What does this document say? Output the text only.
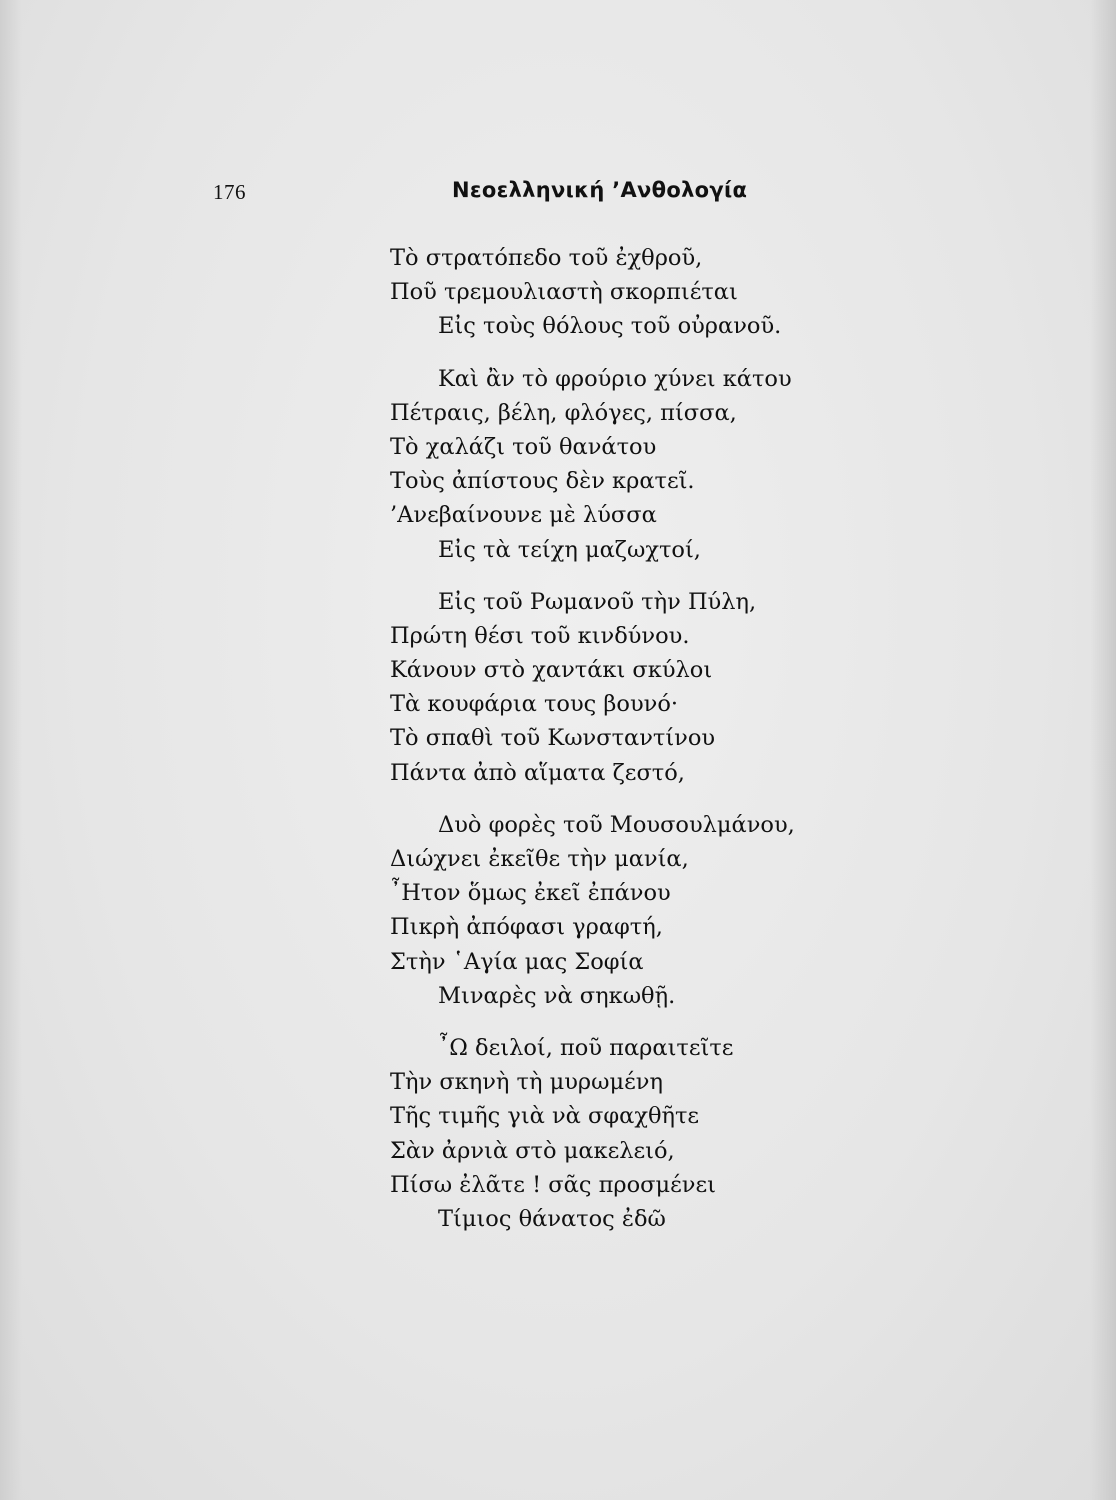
176	Νεοελληνική ’Ανθολογία
Τὸ στρατόπεδο τοῦ ἐχθροῦ,
Ποῦ τρεμουλιαστὴ σκορπιέται
Εἰς τοὺς θόλους τοῦ οὐρανοῦ.
Καὶ ἂν τὸ φρούριο χύνει κάτου
Πέτραις, βέλη, φλόγες, πίσσα,
Τὸ χαλάζι τοῦ θανάτου
Τοὺς ἀπίστους δὲν κρατεῖ.
’Ανεβαίνουνε μὲ λύσσα
Εἰς τὰ τείχη μαζωχτοί,
Εἰς τοῦ Ρωμανοῦ τὴν Πύλη,
Πρώτη θέσι τοῦ κινδύνου.
Κάνουν στὸ χαντάκι σκύλοι
Τὰ κουφάρια τους βουνό·
Τὸ σπαθὶ τοῦ Κωνσταντίνου
Πάντα ἀπὸ αἵματα ζεστό,
Δυὸ φορὲς τοῦ Μουσουλμάνου,
Διώχνει ἐκεῖθε τὴν μανία,
῏Ητον ὅμως ἐκεῖ ἐπάνου
Πικρὴ ἀπόφασι γραφτή,
Στὴν ῾Αγία μας Σοφία
Μιναρὲς νὰ σηκωθῇ.
῏Ω δειλοί, ποῦ παραιτεῖτε
Τὴν σκηνὴ τὴ μυρωμένη
Τῆς τιμῆς γιὰ νὰ σφαχθῆτε
Σὰν ἀρνιὰ στὸ μακελειό,
Πίσω ἐλᾶτε ! σᾶς προσμένει
Τίμιος θάνατος ἐδῶ
